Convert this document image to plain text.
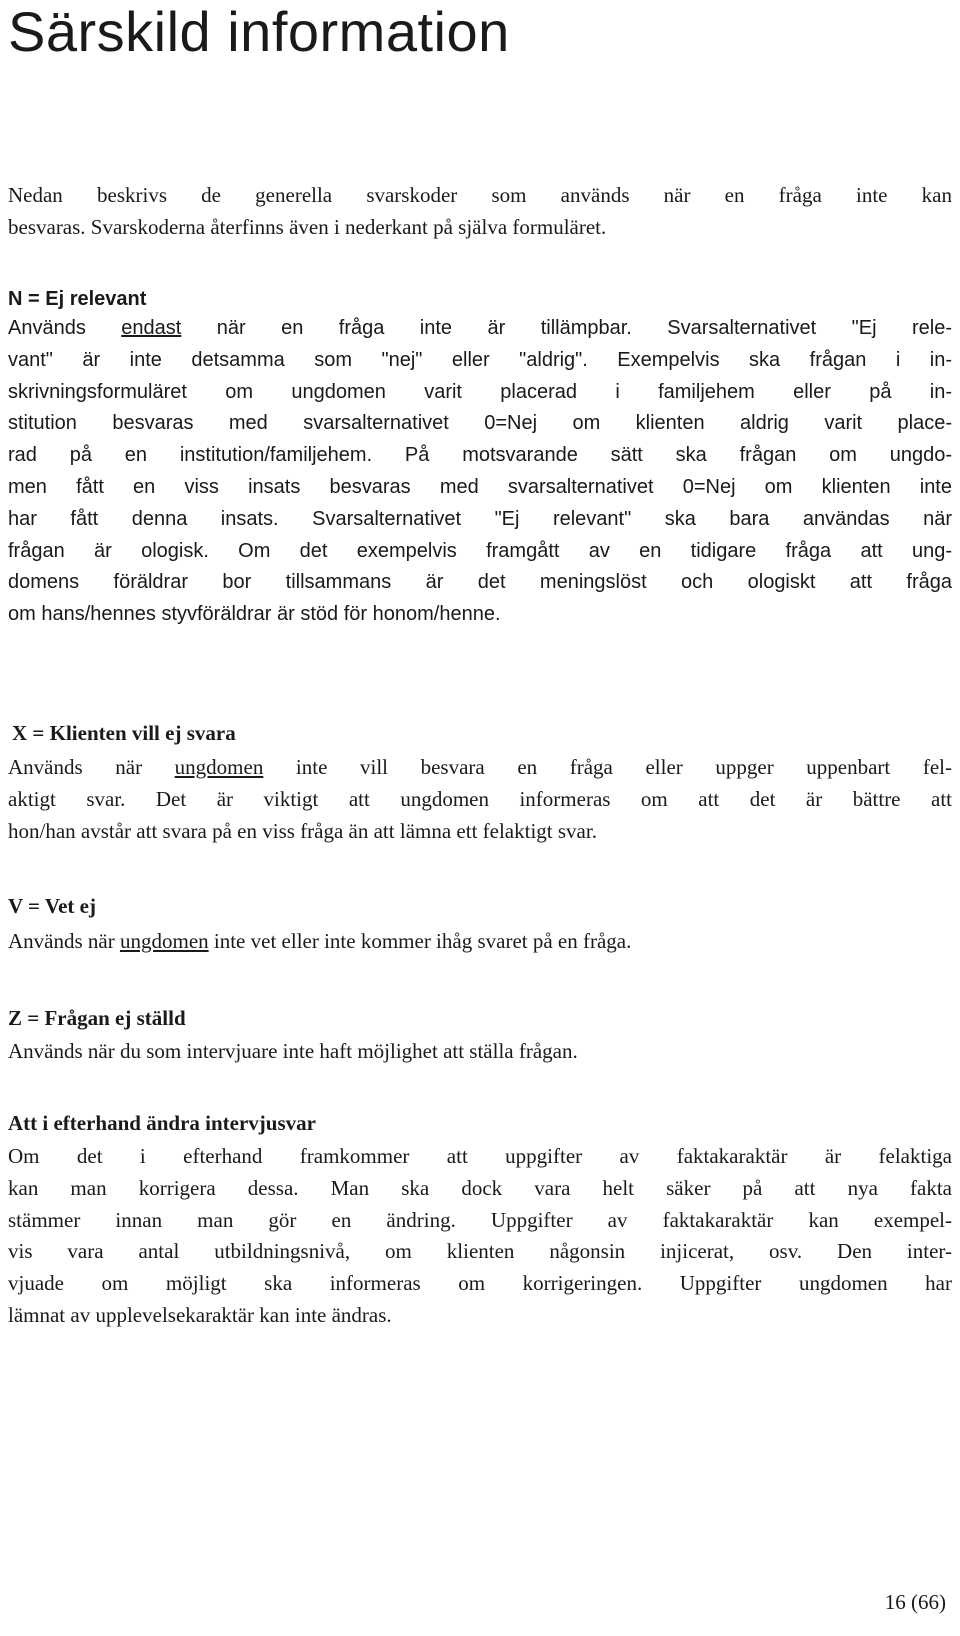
Särskild information

Nedan beskrivs de generella svarskoder som används när en fråga inte kan
besvaras. Svarskoderna återfinns även i nederkant på själva formuläret.

N = Ej relevant

Används endast när en fråga inte är tillämpbar. Svarsalternativet "Ej rele-
vant" är inte detsamma som "nej" eller "aldrig". Exempelvis ska frågan i in-
skrivningsformuläret om ungdomen varit placerad i familjehem eller på in-
stitution besvaras med svarsalternativet 0=Nej om klienten aldrig varit place-
rad på en institution/familjehem. På motsvarande sätt ska frågan om ungdo-
men fått en viss insats besvaras med svarsalternativet 0=Nej om klienten inte
har fått denna insats. Svarsalternativet "Ej relevant" ska bara användas när
frågan är ologisk. Om det exempelvis framgått av en tidigare fråga att ung-
domens föräldrar bor tillsammans är det meningslöst och ologiskt att fråga
om hans/hennes styvföräldrar är stöd för honom/henne.

X = Klienten vill ej svara

Används när ungdomen inte vill besvara en fråga eller uppger uppenbart fel-
aktigt svar. Det är viktigt att ungdomen informeras om att det är bättre att
hon/han avstår att svara på en viss fråga än att lämna ett felaktigt svar.

V = Vet ej

Används när ungdomen inte vet eller inte kommer ihåg svaret på en fråga.

Z = Frågan ej ställd

Används när du som intervjuare inte haft möjlighet att ställa frågan.

Att i efterhand ändra intervjusvar

Om det i efterhand framkommer att uppgifter av faktakaraktär är felaktiga
kan man korrigera dessa. Man ska dock vara helt säker på att nya fakta
stämmer innan man gör en ändring. Uppgifter av faktakaraktär kan exempel-
vis vara antal utbildningsnivå, om klienten någonsin injicerat, osv. Den inter-
vjuade om möjligt ska informeras om korrigeringen. Uppgifter ungdomen har
lämnat av upplevelsekaraktär kan inte ändras.

16 (66)
